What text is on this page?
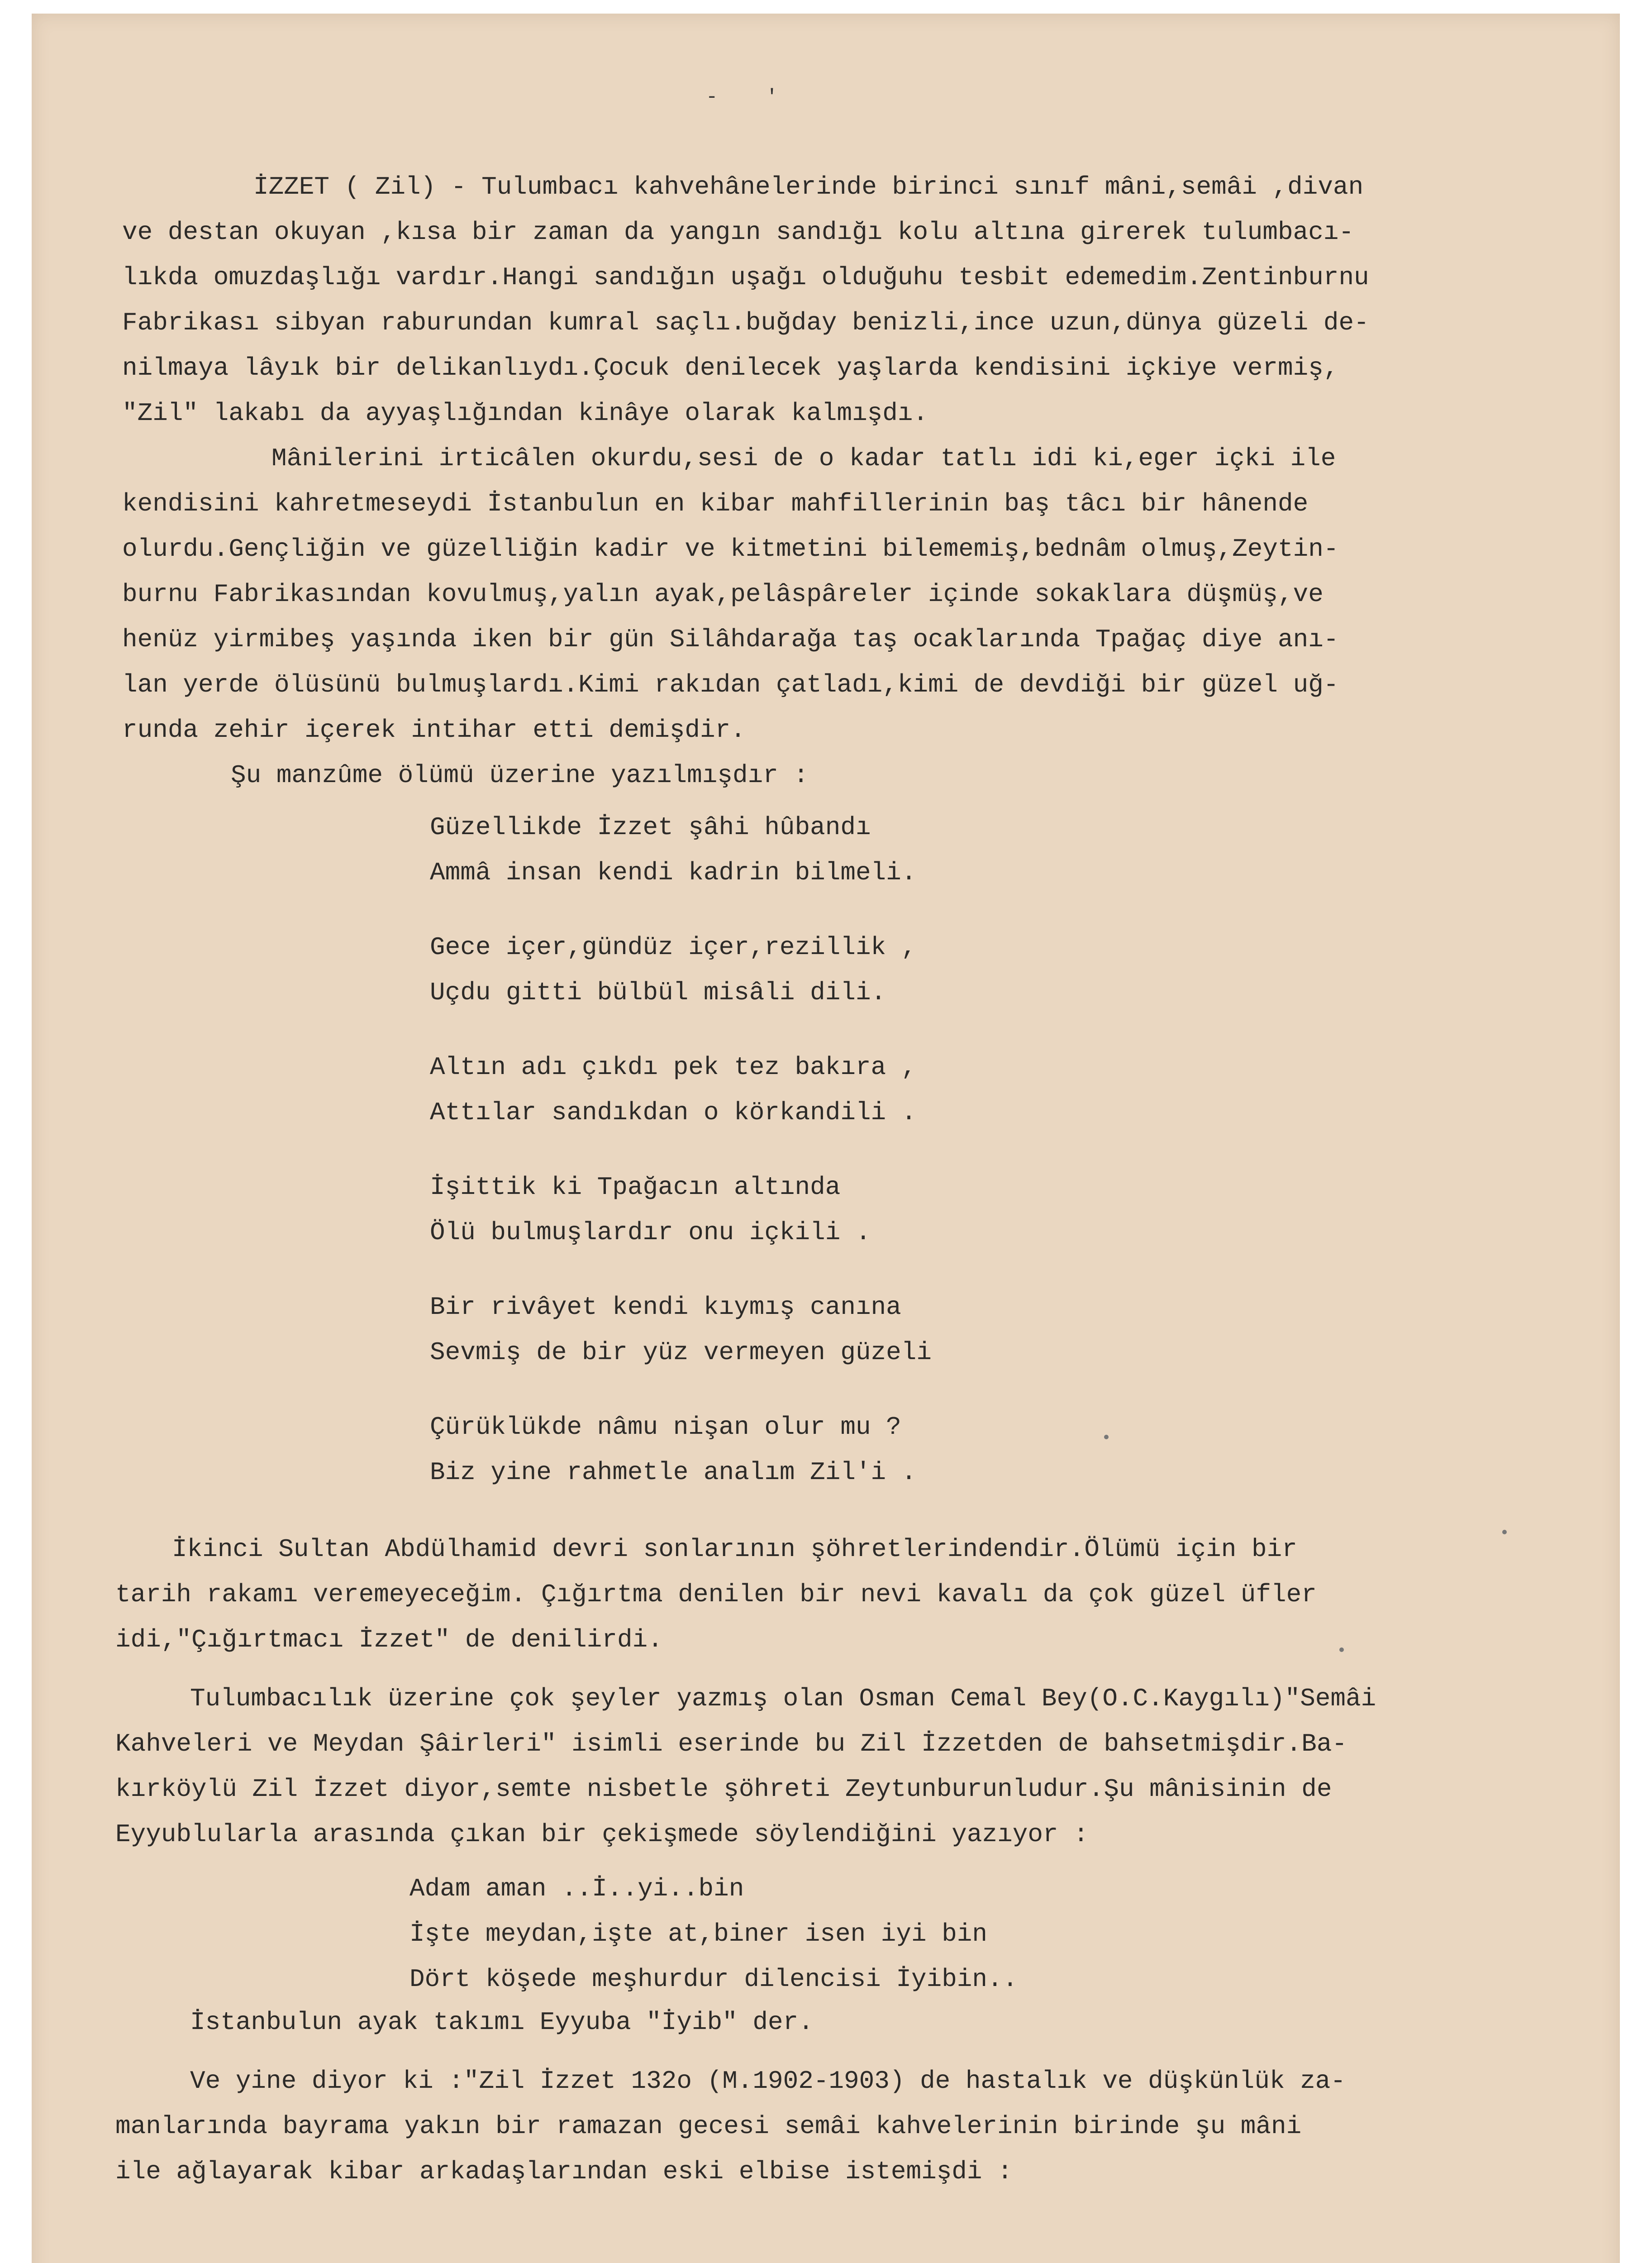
- '
İZZET ( Zil) - Tulumbacı kahvehânelerinde birinci sınıf mâni,semâi ,divan
ve destan okuyan ,kısa bir zaman da yangın sandığı kolu altına girerek tulumbacı-
lıkda omuzdaşlığı vardır.Hangi sandığın uşağı olduğuhu tesbit edemedim.Zentinburnu
Fabrikası sibyan raburundan kumral saçlı.buğday benizli,ince uzun,dünya güzeli de-
nilmaya lâyık bir delikanlıydı.Çocuk denilecek yaşlarda kendisini içkiye vermiş,
"Zil" lakabı da ayyaşlığından kinâye olarak kalmışdı.
Mânilerini irticâlen okurdu,sesi de o kadar tatlı idi ki,eger içki ile
kendisini kahretmeseydi İstanbulun en kibar mahfillerinin baş tâcı bir hânende
olurdu.Gençliğin ve güzelliğin kadir ve kitmetini bilememiş,bednâm olmuş,Zeytin-
burnu Fabrikasından kovulmuş,yalın ayak,pelâspâreler içinde sokaklara düşmüş,ve
henüz yirmibeş yaşında iken bir gün Silâhdarağa taş ocaklarında Tpağaç diye anı-
lan yerde ölüsünü bulmuşlardı.Kimi rakıdan çatladı,kimi de devdiği bir güzel uğ-
runda zehir içerek intihar etti demişdir.
Şu manzûme ölümü üzerine yazılmışdır :
Güzellikde İzzet şâhi hûbandı
Ammâ insan kendi kadrin bilmeli.
Gece içer,gündüz içer,rezillik ,
Uçdu gitti bülbül misâli dili.
Altın adı çıkdı pek tez bakıra ,
Attılar sandıkdan o körkandili .
İşittik ki Tpağacın altında
Ölü bulmuşlardır onu içkili .
Bir rivâyet kendi kıymış canına
Sevmiş de bir yüz vermeyen güzeli
Çürüklükde nâmu nişan olur mu ?
Biz yine rahmetle analım Zil'i .
İkinci Sultan Abdülhamid devri sonlarının şöhretlerindendir.Ölümü için bir
tarih rakamı veremeyeceğim. Çığırtma denilen bir nevi kavalı da çok güzel üfler
idi,"Çığırtmacı İzzet" de denilirdi.
Tulumbacılık üzerine çok şeyler yazmış olan Osman Cemal Bey(O.C.Kaygılı)"Semâi
Kahveleri ve Meydan Şâirleri" isimli eserinde bu Zil İzzetden de bahsetmişdir.Ba-
kırköylü Zil İzzet diyor,semte nisbetle şöhreti Zeytunburunludur.Şu mânisinin de
Eyyublularla arasında çıkan bir çekişmede söylendiğini yazıyor :
Adam aman ..İ..yi..bin
İşte meydan,işte at,biner isen iyi bin
Dört köşede meşhurdur dilencisi İyibin..
İstanbulun ayak takımı Eyyuba "İyib" der.
Ve yine diyor ki :"Zil İzzet 132o (M.1902-1903) de hastalık ve düşkünlük za-
manlarında bayrama yakın bir ramazan gecesi semâi kahvelerinin birinde şu mâni
ile ağlayarak kibar arkadaşlarından eski elbise istemişdi :
